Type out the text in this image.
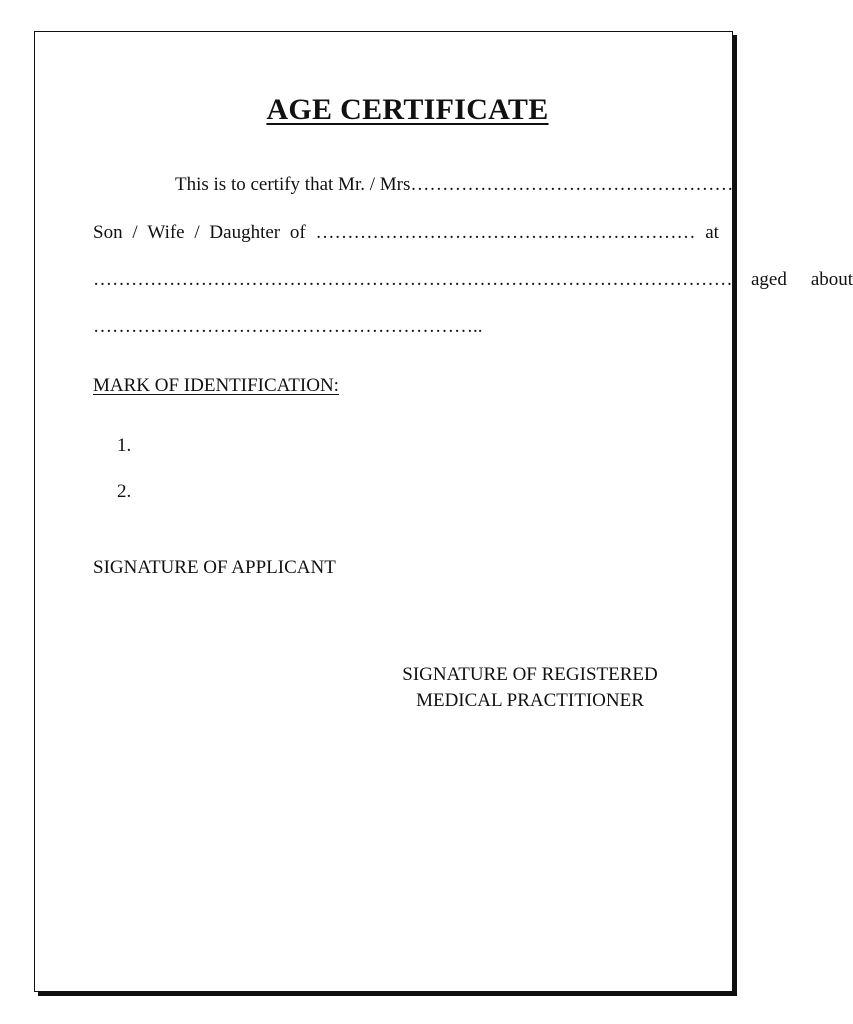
AGE CERTIFICATE
This is to certify that Mr. / Mrs……………………………………………
Son / Wife / Daughter of …………………………………………………… at
………………………………………………………………………………………… aged about
……………………………………………………..
MARK OF IDENTIFICATION:
1.
2.
SIGNATURE OF APPLICANT
SIGNATURE OF REGISTERED
MEDICAL PRACTITIONER
